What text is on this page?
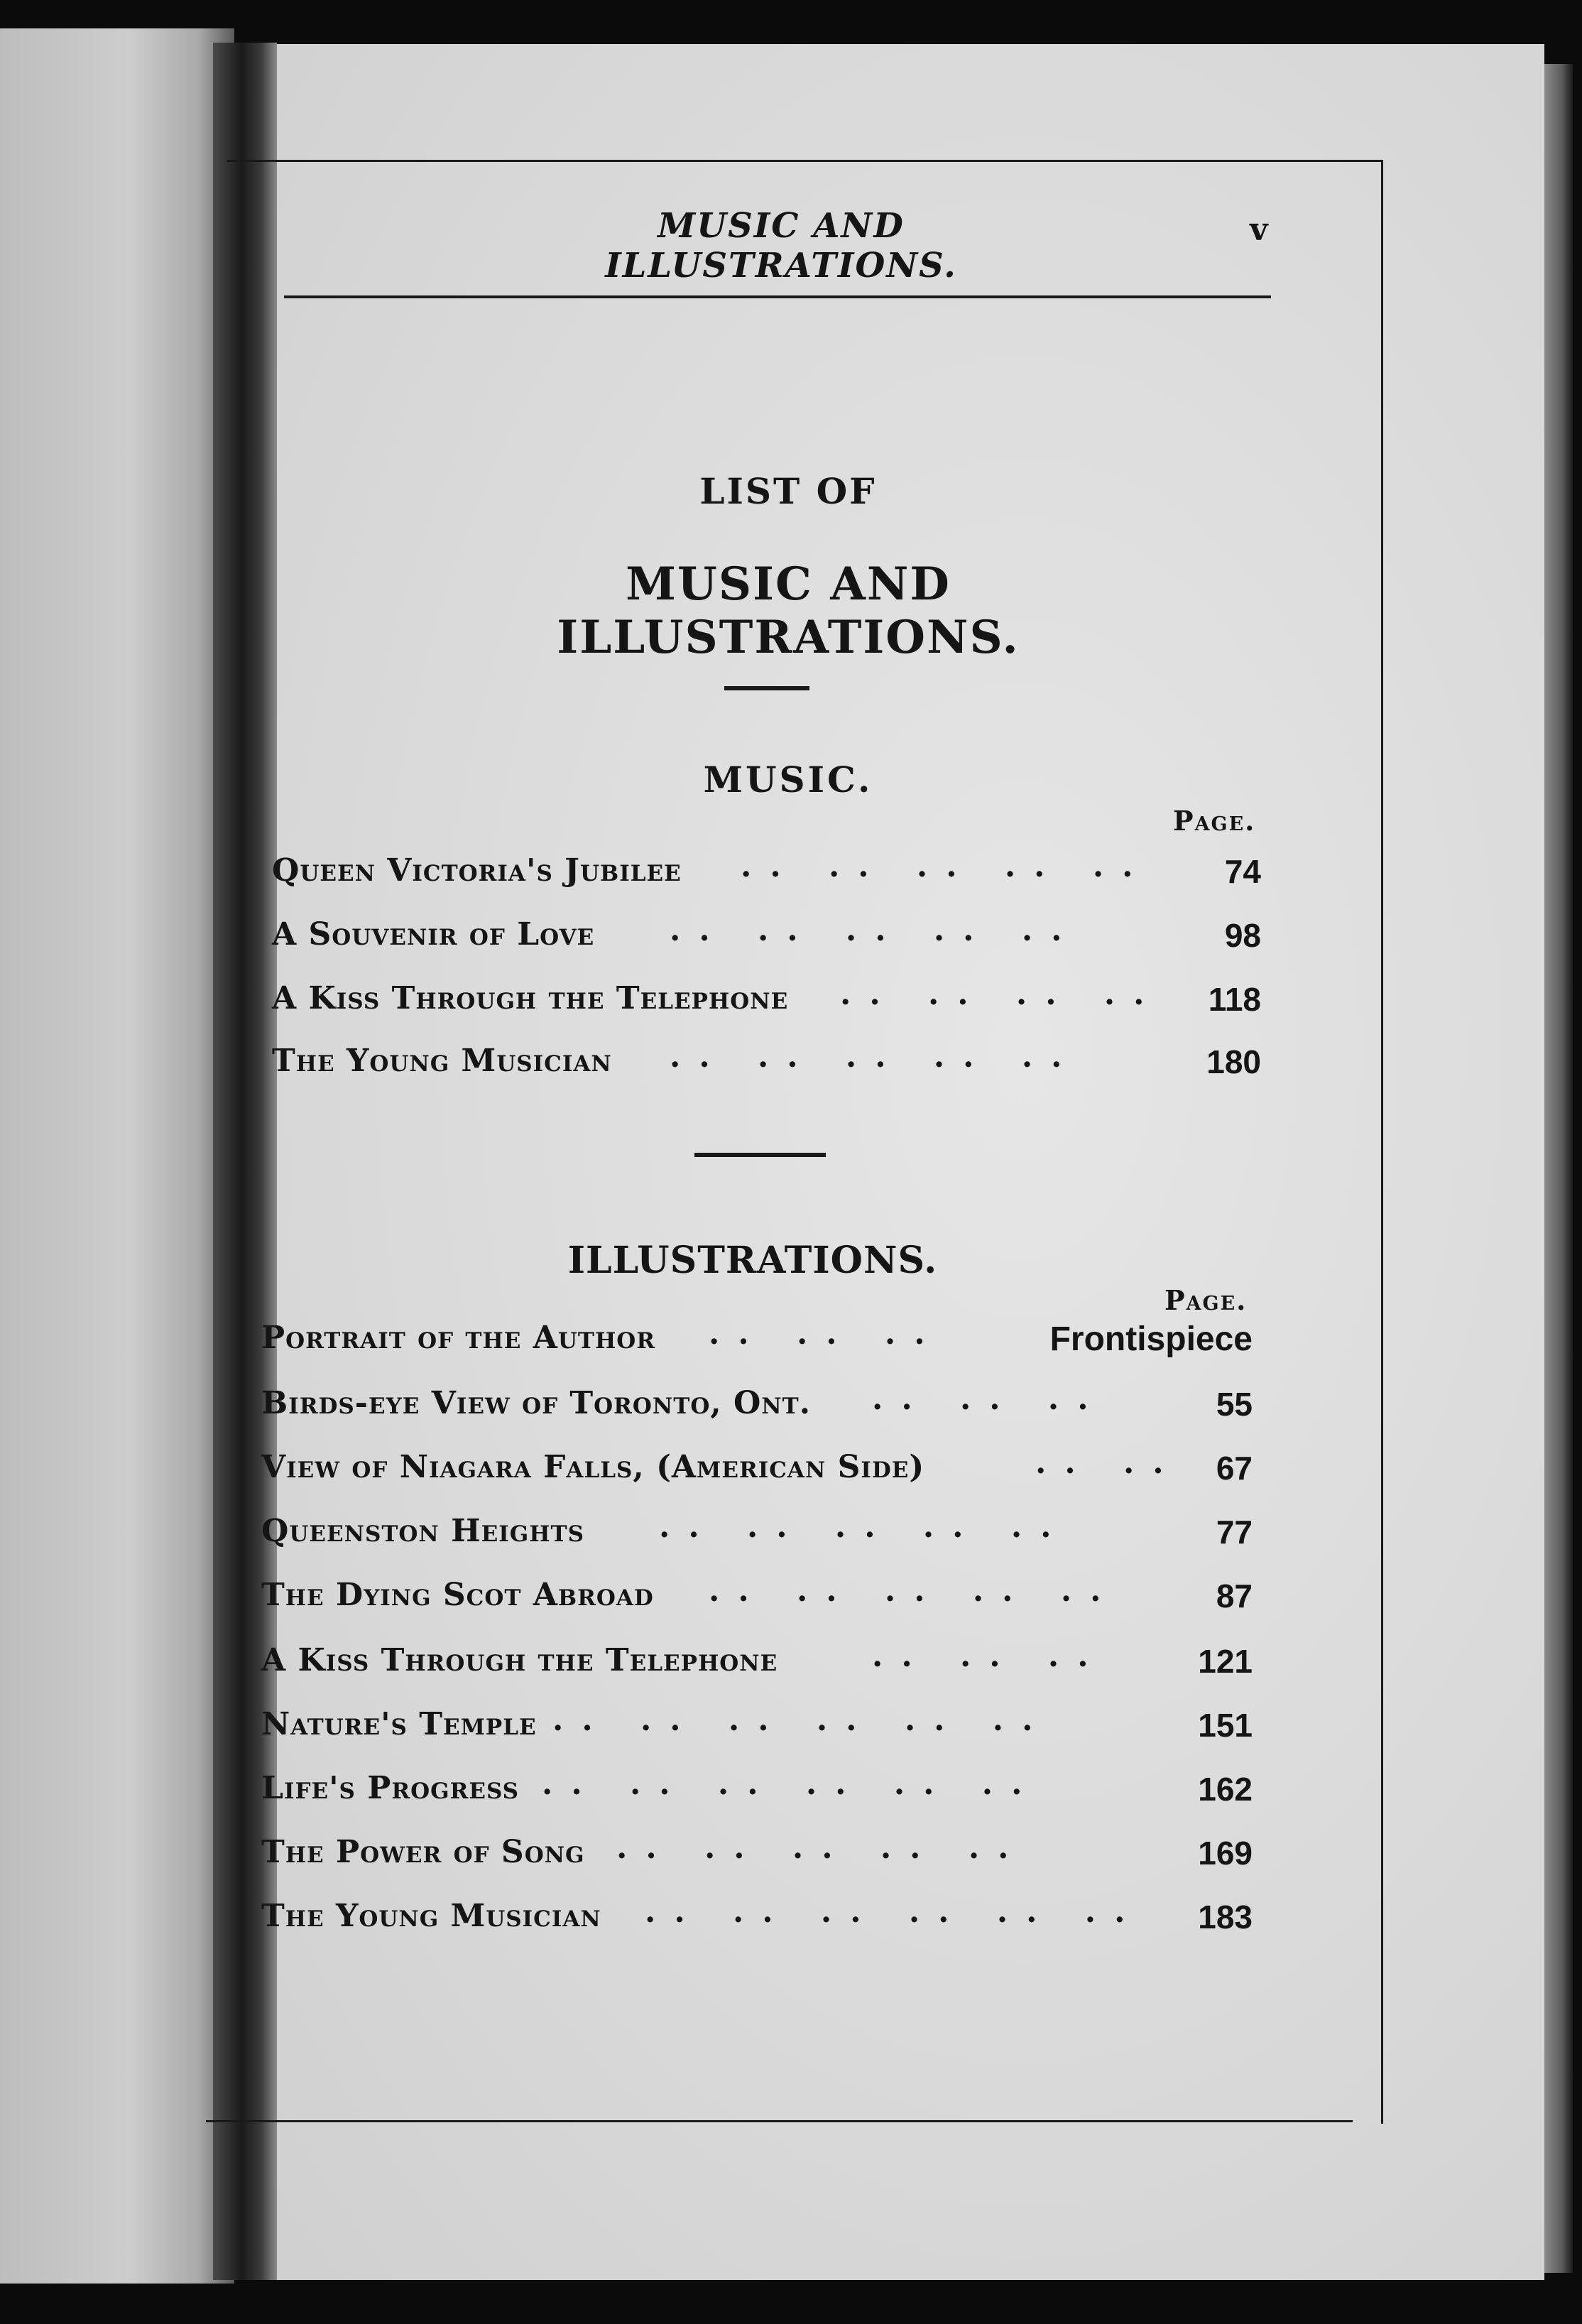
MUSIC AND ILLUSTRATIONS.
v
LIST OF
MUSIC AND ILLUSTRATIONS.
MUSIC.
Page.
Queen Victoria's Jubilee .. .. .. .. .. 74
A Souvenir of Love .. .. .. .. ..	98
A Kiss Through the Telephone .. .. .. .. 118
The Young Musician .. .. .. .. ..	180
ILLUSTRATIONS.
Page.
Portrait of the Author .. .. ..	Frontispiece
Birds-eye View of Toronto, Ont. .. .. ..	55
View of Niagara Falls, (American Side)	.. .. 67
Queenston Heights .. .. .. .. ..	77
The Dying Scot Abroad .. .. .. .. ..	87
A Kiss Through the Telephone	.. .. ..	121
Nature's Temple .. .. .. .. .. ..	151
Life's Progress .. .. .. .. .. ..	162
The Power of Song .. .. .. .. ..	169
The Young Musician .. .. .. .. .. .. 183
